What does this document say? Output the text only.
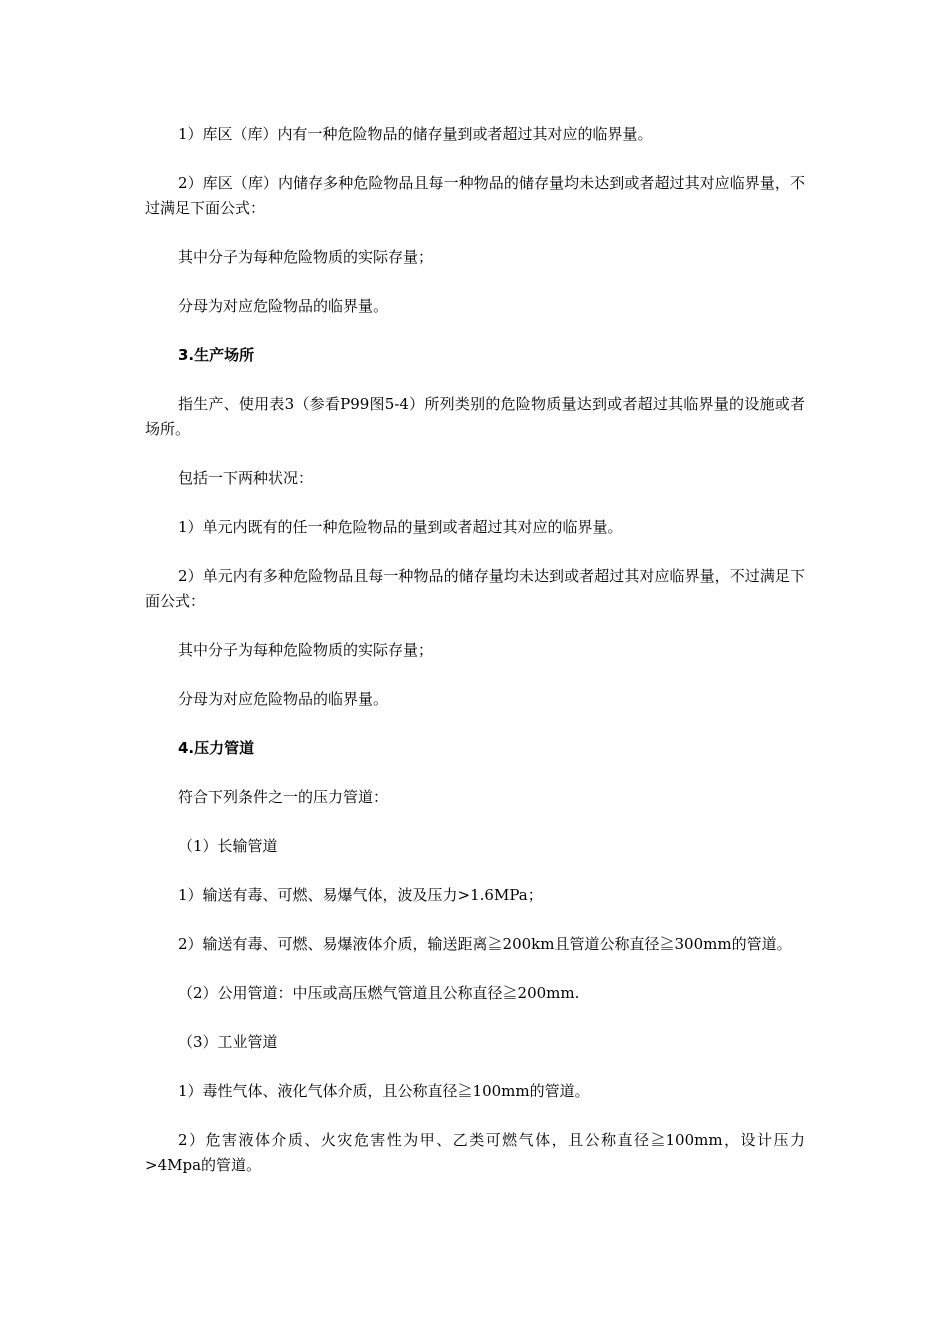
1）库区（库）内有一种危险物品的储存量到或者超过其对应的临界量。

2）库区（库）内储存多种危险物品且每一种物品的储存量均未达到或者超过其对应临界量，不过满足下面公式：

其中分子为每种危险物质的实际存量；

分母为对应危险物品的临界量。

3.生产场所

指生产、使用表3（参看P99图5-4）所列类别的危险物质量达到或者超过其临界量的设施或者场所。

包括一下两种状况：

1）单元内既有的任一种危险物品的量到或者超过其对应的临界量。

2）单元内有多种危险物品且每一种物品的储存量均未达到或者超过其对应临界量，不过满足下面公式：

其中分子为每种危险物质的实际存量；

分母为对应危险物品的临界量。

4.压力管道

符合下列条件之一的压力管道：

（1）长输管道

1）输送有毒、可燃、易爆气体，波及压力>1.6MPa；

2）输送有毒、可燃、易爆液体介质，输送距离≧200km且管道公称直径≧300mm的管道。

（2）公用管道：中压或高压燃气管道且公称直径≧200mm.

（3）工业管道

1）毒性气体、液化气体介质，且公称直径≧100mm的管道。

2）危害液体介质、火灾危害性为甲、乙类可燃气体，且公称直径≧100mm，设计压力>4Mpa的管道。
